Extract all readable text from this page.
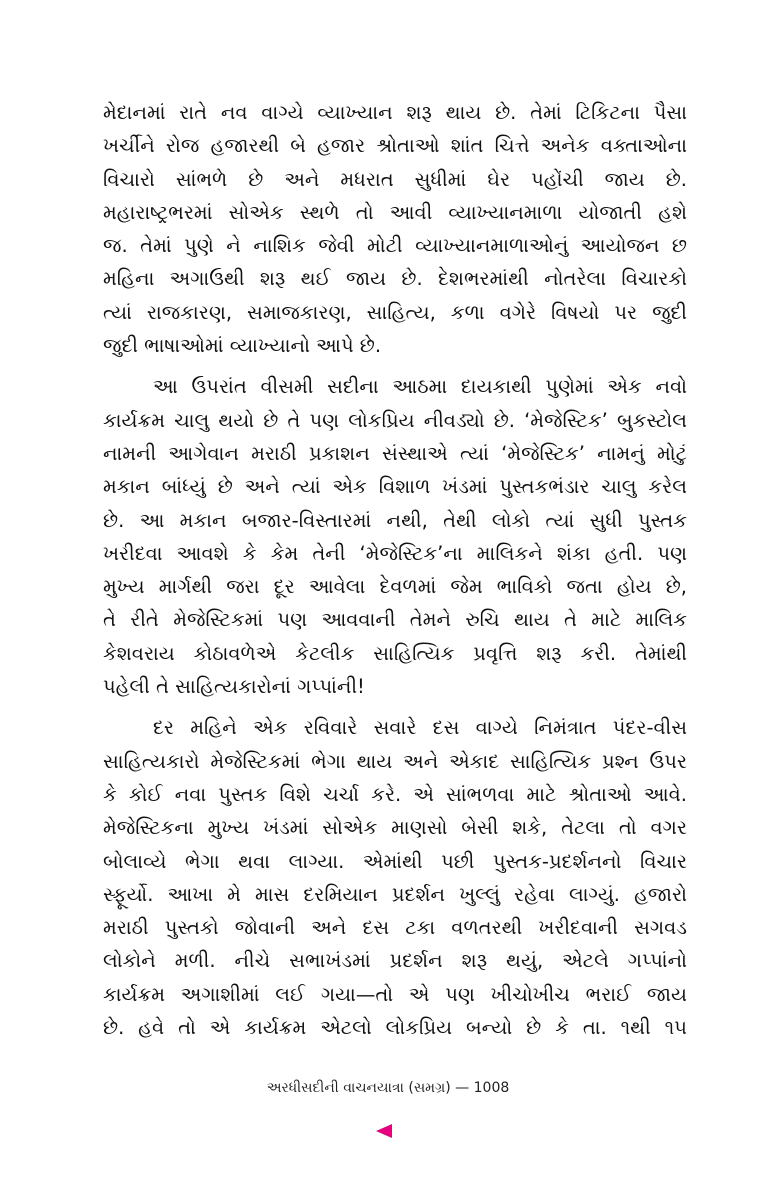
મેદાનમાં રાતે નવ વાગ્યે વ્યાખ્યાન શરૂ થાય છે. તેમાં ટિકિટના પૈસા
ખર્ચીને રોજ હજારથી બે હજાર શ્રોતાઓ શાંત ચિત્તે અનેક વક્તાઓના
વિચારો સાંભળે છે અને મધરાત સુધીમાં ઘેર પહોંચી જાય છે.
મહારાષ્ટ્રભરમાં સોએક સ્થળે તો આવી વ્યાખ્યાનમાળા યોજાતી હશે
જ. તેમાં પુણે ને નાશિક જેવી મોટી વ્યાખ્યાનમાળાઓનું આયોજન છ
મહિના અગાઉથી શરૂ થઈ જાય છે. દેશભરમાંથી નોતરેલા વિચારકો
ત્યાં રાજકારણ, સમાજકારણ, સાહિત્ય, કળા વગેરે વિષયો પર જુદી
જુદી ભાષાઓમાં વ્યાખ્યાનો આપે છે.
આ ઉપરાંત વીસમી સદીના આઠમા દાયકાથી પુણેમાં એક નવો
કાર્યક્રમ ચાલુ થયો છે તે પણ લોકપ્રિય નીવડ્યો છે. ‘મેજેસ્ટિક’ બુકસ્ટોલ
નામની આગેવાન મરાઠી પ્રકાશન સંસ્થાએ ત્યાં ‘મેજેસ્ટિક’ નામનું મોટું
મકાન બાંધ્યું છે અને ત્યાં એક વિશાળ ખંડમાં પુસ્તકભંડાર ચાલુ કરેલ
છે. આ મકાન બજાર-વિસ્તારમાં નથી, તેથી લોકો ત્યાં સુધી પુસ્તક
ખરીદવા આવશે કે કેમ તેની ‘મેજેસ્ટિક’ના માલિકને શંકા હતી. પણ
મુખ્ય માર્ગથી જરા દૂર આવેલા દેવળમાં જેમ ભાવિકો જતા હોય છે,
તે રીતે મેજેસ્ટિકમાં પણ આવવાની તેમને રુચિ થાય તે માટે માલિક
કેશવરાય કોઠાવળેએ કેટલીક સાહિત્યિક પ્રવૃત્તિ શરૂ કરી. તેમાંથી
પહેલી તે સાહિત્યકારોનાં ગપ્પાંની!
દર મહિને એક રવિવારે સવારે દસ વાગ્યે નિમંત્રાત પંદર-વીસ
સાહિત્યકારો મેજેસ્ટિકમાં ભેગા થાય અને એકાદ સાહિત્યિક પ્રશ્ન ઉપર
કે કોઈ નવા પુસ્તક વિશે ચર્ચા કરે. એ સાંભળવા માટે શ્રોતાઓ આવે.
મેજેસ્ટિકના મુખ્ય ખંડમાં સોએક માણસો બેસી શકે, તેટલા તો વગર
બોલાવ્યે ભેગા થવા લાગ્યા. એમાંથી પછી પુસ્તક-પ્રદર્શનનો વિચાર
સ્ફૂર્યો. આખા મે માસ દરમિયાન પ્રદર્શન ખુલ્લું રહેવા લાગ્યું. હજારો
મરાઠી પુસ્તકો જોવાની અને દસ ટકા વળતરથી ખરીદવાની સગવડ
લોકોને મળી. નીચે સભાખંડમાં પ્રદર્શન શરૂ થયું, એટલે ગપ્પાંનો
કાર્યક્રમ અગાશીમાં લઈ ગયા—તો એ પણ ખીચોખીચ ભરાઈ જાય
છે. હવે તો એ કાર્યક્રમ એટલો લોકપ્રિય બન્યો છે કે તા. ૧થી ૧૫
અરધીસદીની વાચનયાત્રા (સમગ્ર) — 1008
